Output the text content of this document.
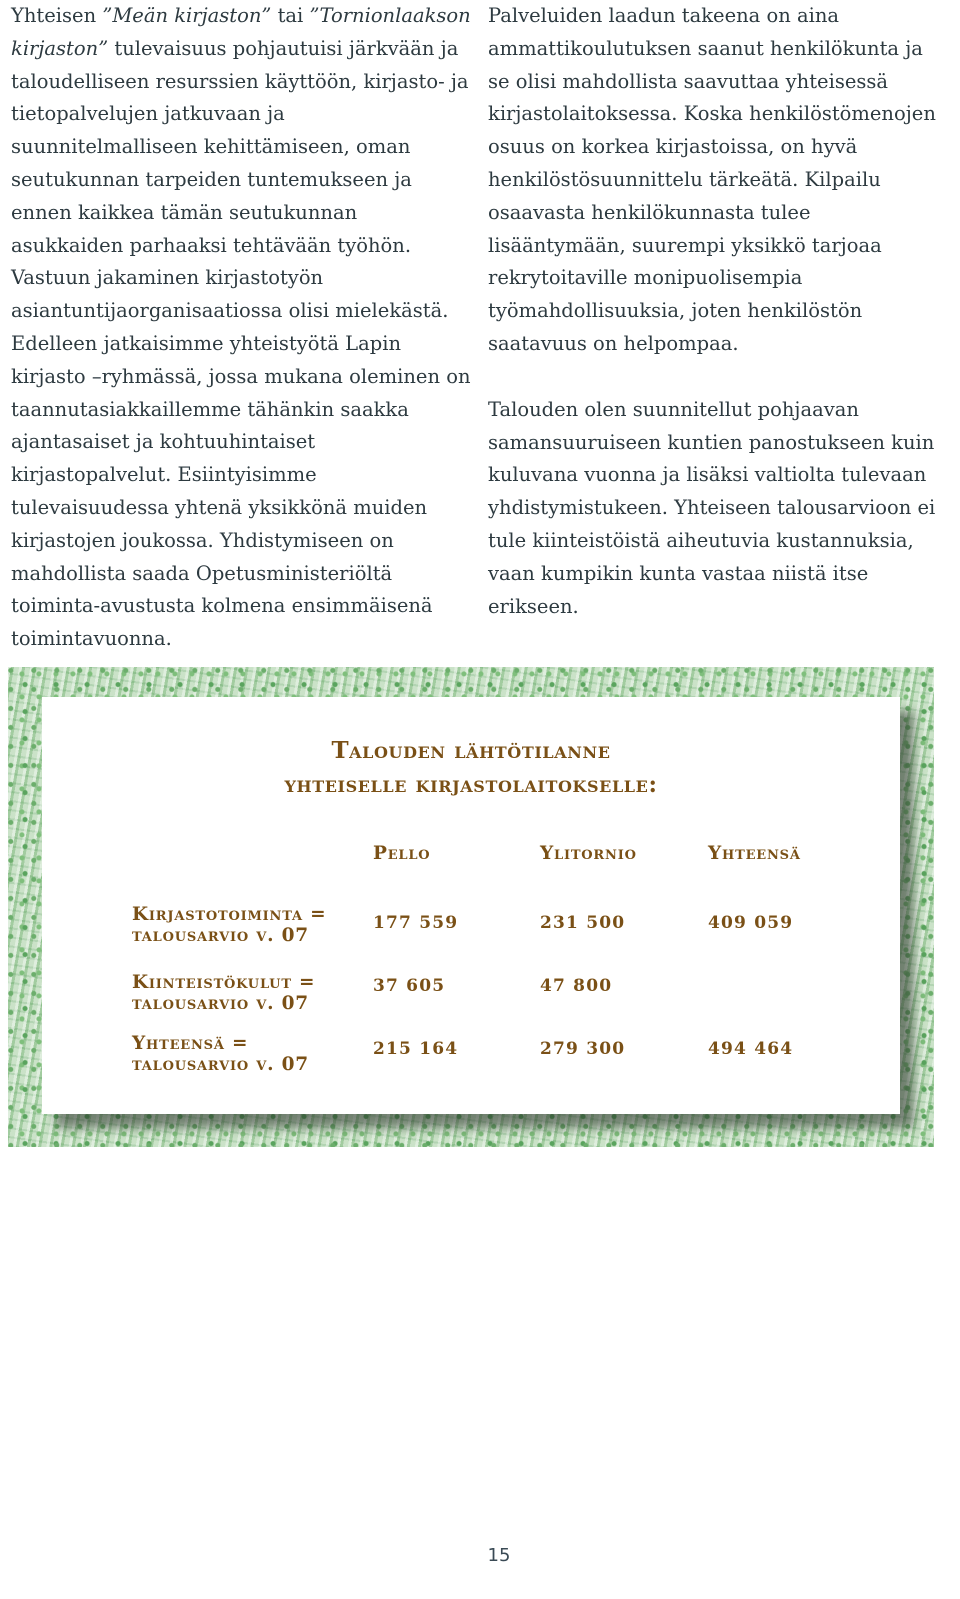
Yhteisen ”Meän kirjaston” tai ”Tornionlaakson kirjaston” tulevaisuus pohjautuisi järkvään ja taloudelliseen resurssien käyttöön, kirjasto- ja tietopalvelujen jatkuvaan ja suunnitelmalliseen kehittämiseen, oman seutukunnan tarpeiden tuntemukseen ja ennen kaikkea tämän seutukunnan asukkaiden parhaaksi tehtävään työhön. Vastuun jakaminen kirjastotyön asiantuntijaorganisaatiossa olisi mielekästä. Edelleen jatkaisimme yhteistyötä Lapin kirjasto –ryhmässä, jossa mukana oleminen on taannutasiakkaillemme tähänkin saakka ajantasaiset ja kohtuuhintaiset kirjastopalvelut. Esiintyisimme tulevaisuudessa yhtenä yksikkönä muiden kirjastojen joukossa. Yhdistymiseen on mahdollista saada Opetusministeriöltä toiminta-avustusta kolmena ensimmäisenä toimintavuonna.

Palveluiden laadun takeena on aina ammattikoulutuksen saanut henkilökunta ja se olisi mahdollista saavuttaa yhteisessä kirjastolaitoksessa. Koska henkilöstömenojen osuus on korkea kirjastoissa, on hyvä henkilöstösuunnittelu tärkeätä. Kilpailu osaavasta henkilökunnasta tulee lisääntymään, suurempi yksikkö tarjoaa rekrytoitaville monipuolisempia työmahdollisuuksia, joten henkilöstön saatavuus on helpompaa.

Talouden olen suunnitellut pohjaavan samansuuruiseen kuntien panostukseen kuin kuluvana vuonna ja lisäksi valtiolta tulevaan yhdistymistukeen. Yhteiseen talousarvioon ei tule kiinteistöistä aiheutuvia kustannuksia, vaan kumpikin kunta vastaa niistä itse erikseen.

Talouden lähtötilanne

yhteiselle kirjastolaitokselle:

Pello	Ylitornio	Yhteensä
Kirjastotoiminta =
talousarvio v. 07
177 559	231 500	409 059
Kiinteistökulut =
talousarvio v. 07
37 605	47 800
Yhteensä =
talousarvio v. 07
215 164	279 300	494 464
15
